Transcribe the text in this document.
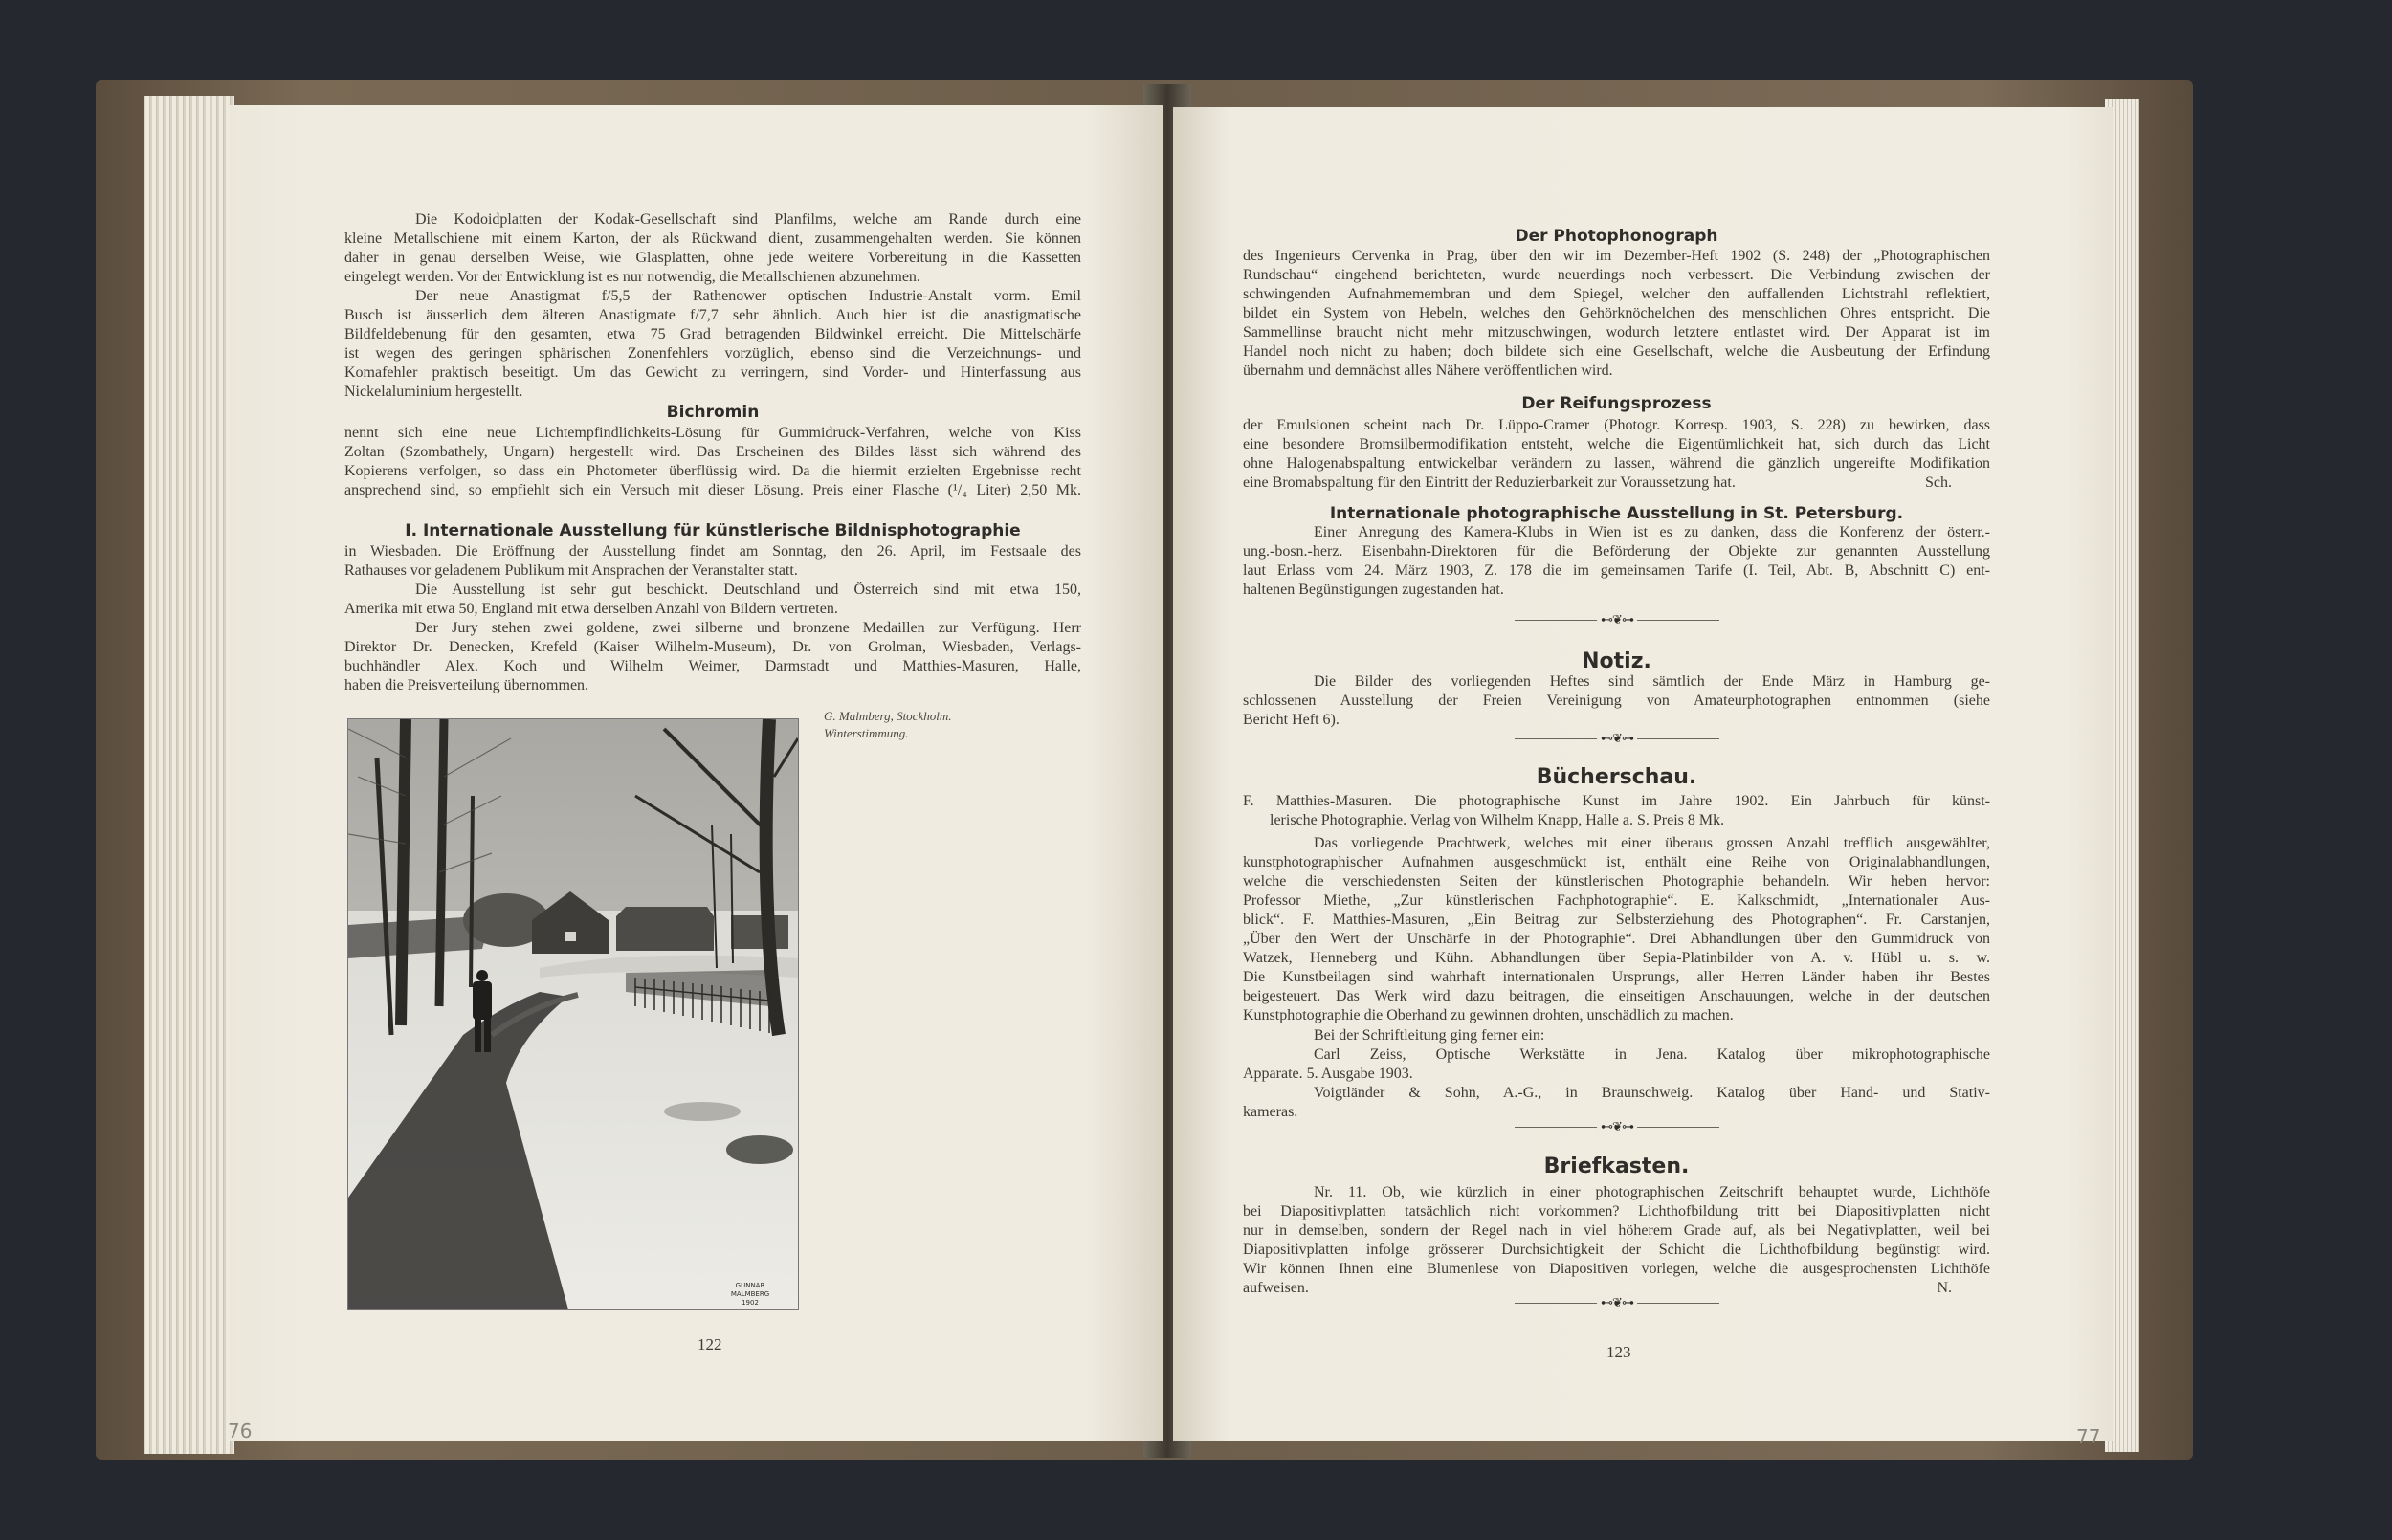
Die Kodoidplatten der Kodak-Gesellschaft sind Planfilms, welche am Rande durch eine
kleine Metallschiene mit einem Karton, der als Rückwand dient, zusammengehalten werden. Sie können
daher in genau derselben Weise, wie Glasplatten, ohne jede weitere Vorbereitung in die Kassetten
eingelegt werden. Vor der Entwicklung ist es nur notwendig, die Metallschienen abzunehmen.
Der neue Anastigmat f/5,5 der Rathenower optischen Industrie-Anstalt vorm. Emil
Busch ist äusserlich dem älteren Anastigmate f/7,7 sehr ähnlich. Auch hier ist die anastigmatische
Bildfeldebenung für den gesamten, etwa 75 Grad betragenden Bildwinkel erreicht. Die Mittelschärfe
ist wegen des geringen sphärischen Zonenfehlers vorzüglich, ebenso sind die Verzeichnungs- und
Komafehler praktisch beseitigt. Um das Gewicht zu verringern, sind Vorder- und Hinterfassung aus
Nickelaluminium hergestellt.
Bichromin
nennt sich eine neue Lichtempfindlichkeits-Lösung für Gummidruck-Verfahren, welche von Kiss
Zoltan (Szombathely, Ungarn) hergestellt wird. Das Erscheinen des Bildes lässt sich während des
Kopierens verfolgen, so dass ein Photometer überflüssig wird. Da die hiermit erzielten Ergebnisse recht
ansprechend sind, so empfiehlt sich ein Versuch mit dieser Lösung. Preis einer Flasche (¹/₄ Liter) 2,50 Mk.
I. Internationale Ausstellung für künstlerische Bildnisphotographie
in Wiesbaden. Die Eröffnung der Ausstellung findet am Sonntag, den 26. April, im Festsaale des
Rathauses vor geladenem Publikum mit Ansprachen der Veranstalter statt.
Die Ausstellung ist sehr gut beschickt. Deutschland und Österreich sind mit etwa 150,
Amerika mit etwa 50, England mit etwa derselben Anzahl von Bildern vertreten.
Der Jury stehen zwei goldene, zwei silberne und bronzene Medaillen zur Verfügung. Herr
Direktor Dr. Denecken, Krefeld (Kaiser Wilhelm-Museum), Dr. von Grolman, Wiesbaden, Verlags-
buchhändler Alex. Koch und Wilhelm Weimer, Darmstadt und Matthies-Masuren, Halle,
haben die Preisverteilung übernommen.
GUNNAR
MALMBERG
1902
G. Malmberg, Stockholm.
Winterstimmung.
122
76
Der Photophonograph
des Ingenieurs Cervenka in Prag, über den wir im Dezember-Heft 1902 (S. 248) der „Photographischen
Rundschau“ eingehend berichteten, wurde neuerdings noch verbessert. Die Verbindung zwischen der
schwingenden Aufnahmemembran und dem Spiegel, welcher den auffallenden Lichtstrahl reflektiert,
bildet ein System von Hebeln, welches den Gehörknöchelchen des menschlichen Ohres entspricht. Die
Sammellinse braucht nicht mehr mitzuschwingen, wodurch letztere entlastet wird. Der Apparat ist im
Handel noch nicht zu haben; doch bildete sich eine Gesellschaft, welche die Ausbeutung der Erfindung
übernahm und demnächst alles Nähere veröffentlichen wird.
Der Reifungsprozess
der Emulsionen scheint nach Dr. Lüppo-Cramer (Photogr. Korresp. 1903, S. 228) zu bewirken, dass
eine besondere Bromsilbermodifikation entsteht, welche die Eigentümlichkeit hat, sich durch das Licht
ohne Halogenabspaltung entwickelbar verändern zu lassen, während die gänzlich ungereifte Modifikation
eine Bromabspaltung für den Eintritt der Reduzierbarkeit zur Voraussetzung hat.	Sch.
Internationale photographische Ausstellung in St. Petersburg.
Einer Anregung des Kamera-Klubs in Wien ist es zu danken, dass die Konferenz der österr.-
ung.-bosn.-herz. Eisenbahn-Direktoren für die Beförderung der Objekte zur genannten Ausstellung
laut Erlass vom 24. März 1903, Z. 178 die im gemeinsamen Tarife (I. Teil, Abt. B, Abschnitt C) ent-
haltenen Begünstigungen zugestanden hat.
⊷❦⊶
Notiz.
Die Bilder des vorliegenden Heftes sind sämtlich der Ende März in Hamburg ge-
schlossenen Ausstellung der Freien Vereinigung von Amateurphotographen entnommen (siehe
Bericht Heft 6).
⊷❦⊶
Bücherschau.
F. Matthies-Masuren. Die photographische Kunst im Jahre 1902. Ein Jahrbuch für künst-
lerische Photographie. Verlag von Wilhelm Knapp, Halle a. S. Preis 8 Mk.
Das vorliegende Prachtwerk, welches mit einer überaus grossen Anzahl trefflich ausgewählter,
kunstphotographischer Aufnahmen ausgeschmückt ist, enthält eine Reihe von Originalabhandlungen,
welche die verschiedensten Seiten der künstlerischen Photographie behandeln. Wir heben hervor:
Professor Miethe, „Zur künstlerischen Fachphotographie“. E. Kalkschmidt, „Internationaler Aus-
blick“. F. Matthies-Masuren, „Ein Beitrag zur Selbsterziehung des Photographen“. Fr. Carstanjen,
„Über den Wert der Unschärfe in der Photographie“. Drei Abhandlungen über den Gummidruck von
Watzek, Henneberg und Kühn. Abhandlungen über Sepia-Platinbilder von A. v. Hübl u. s. w.
Die Kunstbeilagen sind wahrhaft internationalen Ursprungs, aller Herren Länder haben ihr Bestes
beigesteuert. Das Werk wird dazu beitragen, die einseitigen Anschauungen, welche in der deutschen
Kunstphotographie die Oberhand zu gewinnen drohten, unschädlich zu machen.
Bei der Schriftleitung ging ferner ein:
Carl Zeiss, Optische Werkstätte in Jena. Katalog über mikrophotographische
Apparate. 5. Ausgabe 1903.
Voigtländer & Sohn, A.-G., in Braunschweig. Katalog über Hand- und Stativ-
kameras.
⊷❦⊶
Briefkasten.
Nr. 11. Ob, wie kürzlich in einer photographischen Zeitschrift behauptet wurde, Lichthöfe
bei Diapositivplatten tatsächlich nicht vorkommen? Lichthofbildung tritt bei Diapositivplatten nicht
nur in demselben, sondern der Regel nach in viel höherem Grade auf, als bei Negativplatten, weil bei
Diapositivplatten infolge grösserer Durchsichtigkeit der Schicht die Lichthofbildung begünstigt wird.
Wir können Ihnen eine Blumenlese von Diapositiven vorlegen, welche die ausgesprochensten Lichthöfe
aufweisen.	N.
⊷❦⊶
123
77
